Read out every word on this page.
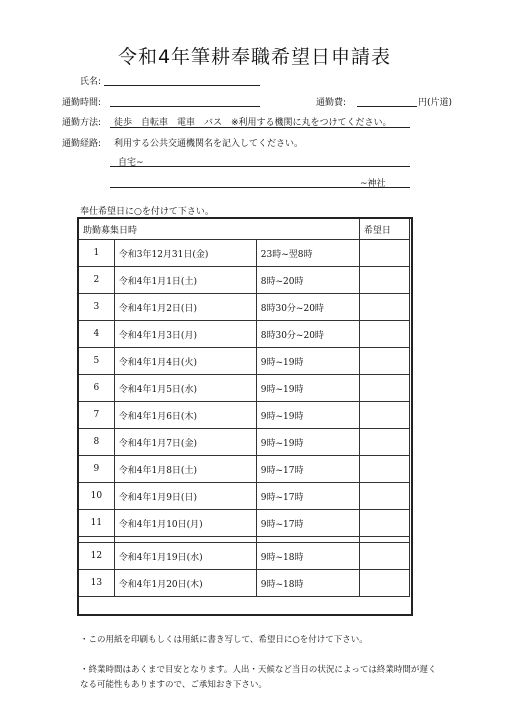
令和4年筆耕奉職希望日申請表
氏名:
通勤時間:	通勤費:	円(片道)
通勤方法: 徒歩　自転車　電車　バス　※利用する機関に丸をつけてください。
通勤経路: 利用する公共交通機関名を記入してください。
自宅~
~神社
奉仕希望日に○を付けて下さい。
助勤募集日時			希望日
1	令和3年12月31日(金)	23時~翌8時	
2	令和4年1月1日(土)	8時~20時	
3	令和4年1月2日(日)	8時30分~20時	
4	令和4年1月3日(月)	8時30分~20時	
5	令和4年1月4日(火)	9時~19時	
6	令和4年1月5日(水)	9時~19時	
7	令和4年1月6日(木)	9時~19時	
8	令和4年1月7日(金)	9時~19時	
9	令和4年1月8日(土)	9時~17時	
10	令和4年1月9日(日)	9時~17時	
11	令和4年1月10日(月)	9時~17時	

12	令和4年1月19日(水)	9時~18時	
13	令和4年1月20日(木)	9時~18時	
・この用紙を印刷もしくは用紙に書き写して、希望日に○を付けて下さい。
・終業時間はあくまで目安となります。人出・天候など当日の状況によっては終業時間が遅くなる可能性もありますので、ご承知おき下さい。
